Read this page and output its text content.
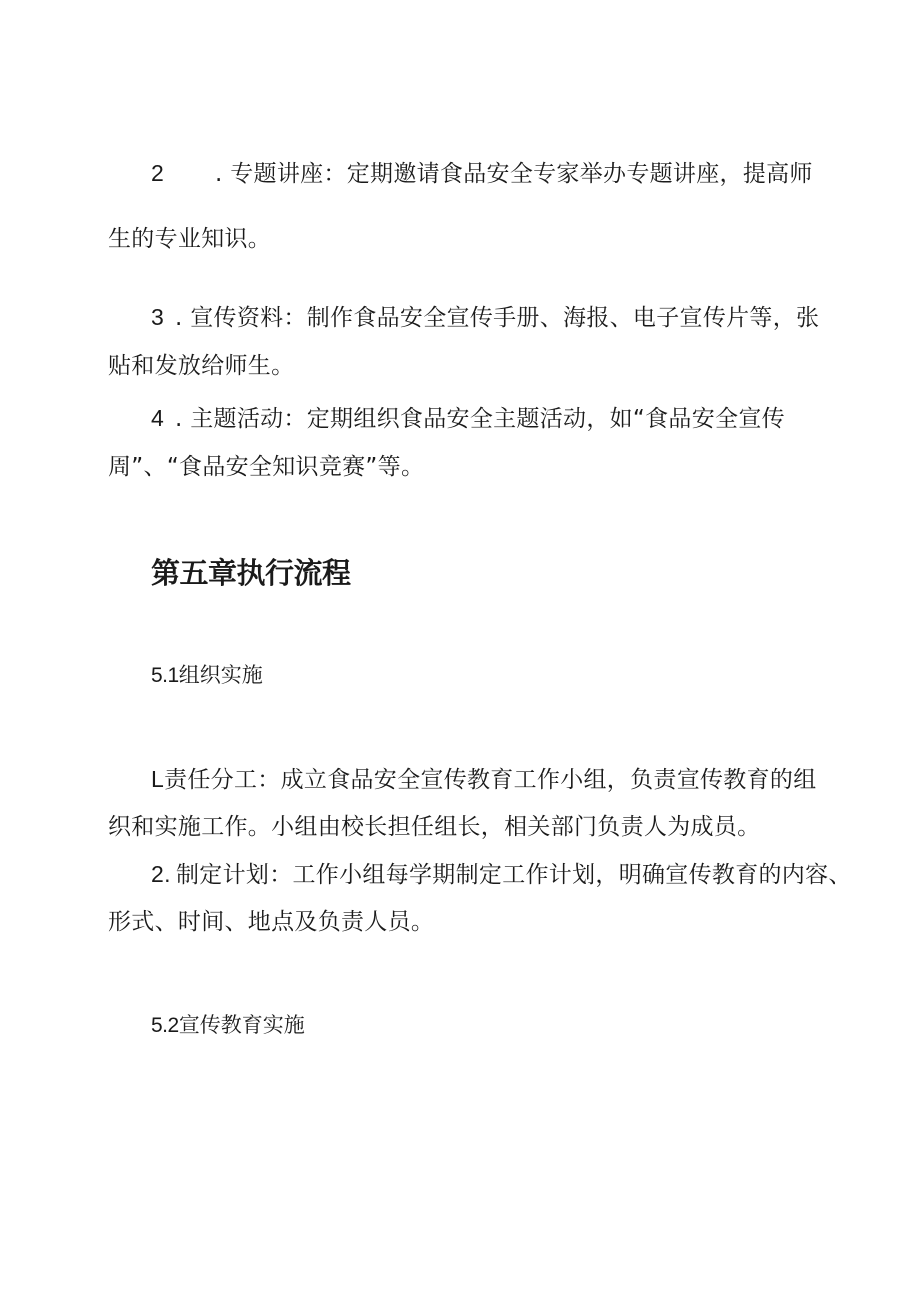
2 . 专题讲座：定期邀请食品安全专家举办专题讲座，提高师
生的专业知识。
3 . 宣传资料：制作食品安全宣传手册、海报、电子宣传片等，张
贴和发放给师生。
4 . 主题活动：定期组织食品安全主题活动，如“食品安全宣传
周”、“食品安全知识竞赛”等。
第五章执行流程
5.1组织实施
L责任分工：成立食品安全宣传教育工作小组，负责宣传教育的组
织和实施工作。小组由校长担任组长，相关部门负责人为成员。
2. 制定计划：工作小组每学期制定工作计划，明确宣传教育的内容、
形式、时间、地点及负责人员。
5.2宣传教育实施
